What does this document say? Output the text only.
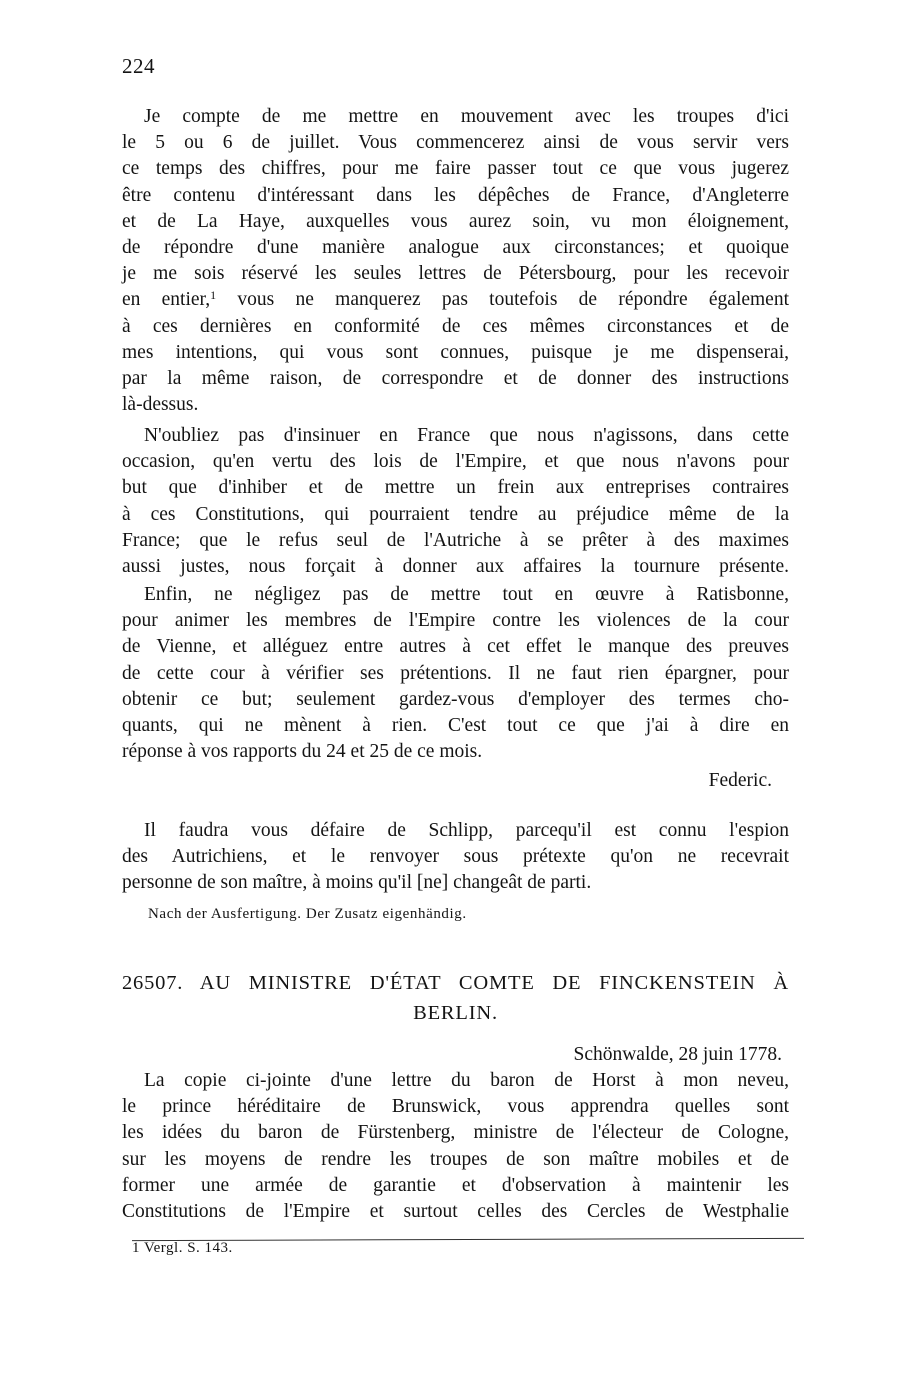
224
Je compte de me mettre en mouvement avec les troupes d'ici
le 5 ou 6 de juillet. Vous commencerez ainsi de vous servir vers
ce temps des chiffres, pour me faire passer tout ce que vous jugerez
être contenu d'intéressant dans les dépêches de France, d'Angleterre
et de La Haye, auxquelles vous aurez soin, vu mon éloignement,
de répondre d'une manière analogue aux circonstances; et quoique
je me sois réservé les seules lettres de Pétersbourg, pour les recevoir
en entier,$^1$ vous ne manquerez pas toutefois de répondre également
à ces dernières en conformité de ces mêmes circonstances et de
mes intentions, qui vous sont connues, puisque je me dispenserai,
par la même raison, de correspondre et de donner des instructions
là-dessus.
N'oubliez pas d'insinuer en France que nous n'agissons, dans cette
occasion, qu'en vertu des lois de l'Empire, et que nous n'avons pour
but que d'inhiber et de mettre un frein aux entreprises contraires
à ces Constitutions, qui pourraient tendre au préjudice même de la
France; que le refus seul de l'Autriche à se prêter à des maximes
aussi justes, nous forçait à donner aux affaires la tournure présente.
Enfin, ne négligez pas de mettre tout en œuvre à Ratisbonne,
pour animer les membres de l'Empire contre les violences de la cour
de Vienne, et alléguez entre autres à cet effet le manque des preuves
de cette cour à vérifier ses prétentions. Il ne faut rien épargner, pour
obtenir ce but; seulement gardez-vous d'employer des termes cho-
quants, qui ne mènent à rien. C'est tout ce que j'ai à dire en
réponse à vos rapports du 24 et 25 de ce mois.
Federic.
Il faudra vous défaire de Schlipp, parcequ'il est connu l'espion
des Autrichiens, et le renvoyer sous prétexte qu'on ne recevrait
personne de son maître, à moins qu'il [ne] changeât de parti.
Nach der Ausfertigung. Der Zusatz eigenhändig.
26507. AU MINISTRE D'ÉTAT COMTE DE FINCKENSTEIN À
BERLIN.
Schönwalde, 28 juin 1778.
La copie ci-jointe d'une lettre du baron de Horst à mon neveu,
le prince héréditaire de Brunswick, vous apprendra quelles sont
les idées du baron de Fürstenberg, ministre de l'électeur de Cologne,
sur les moyens de rendre les troupes de son maître mobiles et de
former une armée de garantie et d'observation à maintenir les
Constitutions de l'Empire et surtout celles des Cercles de Westphalie
1 Vergl. S. 143.
